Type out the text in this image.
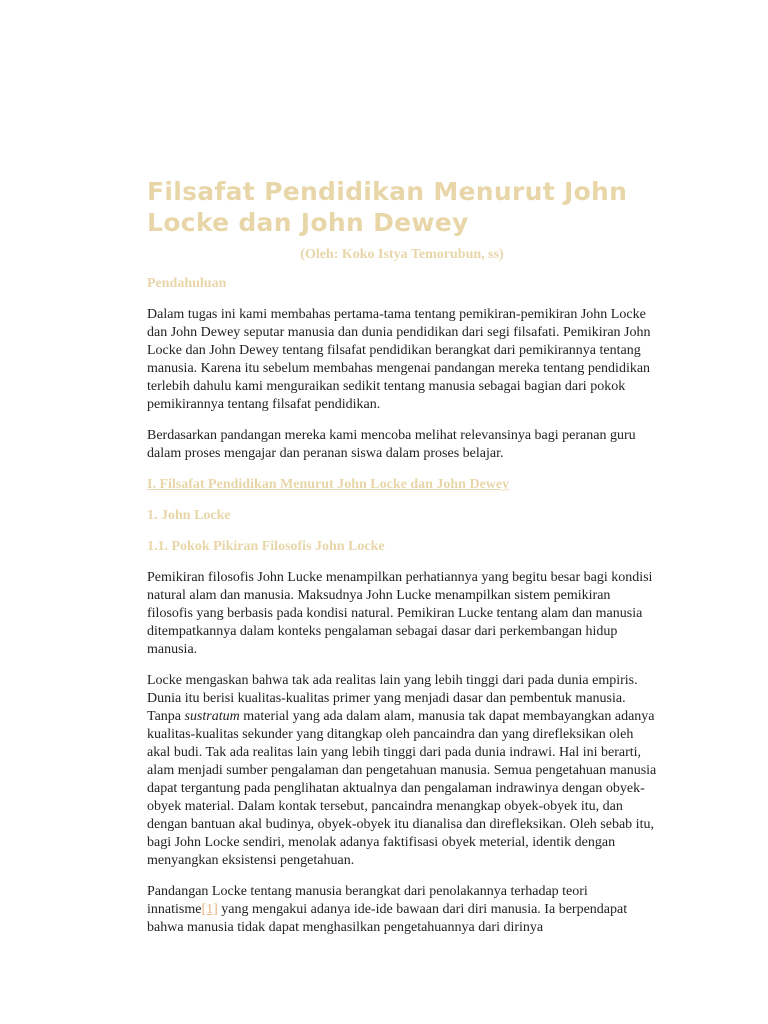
Filsafat Pendidikan Menurut John Locke dan John Dewey
(Oleh: Koko Istya Temorubun, ss)
Pendahuluan

Dalam tugas ini kami membahas pertama-tama tentang pemikiran-pemikiran John Locke dan John Dewey seputar manusia dan dunia pendidikan dari segi filsafati. Pemikiran John Locke dan John Dewey tentang filsafat pendidikan berangkat dari pemikirannya tentang manusia. Karena itu sebelum membahas mengenai pandangan mereka tentang pendidikan terlebih dahulu kami menguraikan sedikit tentang manusia sebagai bagian dari pokok pemikirannya tentang filsafat pendidikan.

Berdasarkan pandangan mereka kami mencoba melihat relevansinya bagi peranan guru dalam proses mengajar dan peranan siswa dalam proses belajar.

I. Filsafat Pendidikan Menurut John Locke dan John Dewey
1. John Locke
1.1. Pokok Pikiran Filosofis John Locke

Pemikiran filosofis John Lucke menampilkan perhatiannya yang begitu besar bagi kondisi natural alam dan manusia. Maksudnya John Lucke menampilkan sistem pemikiran filosofis yang berbasis pada kondisi natural. Pemikiran Lucke tentang alam dan manusia ditempatkannya dalam konteks pengalaman sebagai dasar dari perkembangan hidup manusia.

Locke mengaskan bahwa tak ada realitas lain yang lebih tinggi dari pada dunia empiris. Dunia itu berisi kualitas-kualitas primer yang menjadi dasar dan pembentuk manusia. Tanpa sustratum material yang ada dalam alam, manusia tak dapat membayangkan adanya kualitas-kualitas sekunder yang ditangkap oleh pancaindra dan yang direfleksikan oleh akal budi. Tak ada realitas lain yang lebih tinggi dari pada dunia indrawi. Hal ini berarti, alam menjadi sumber pengalaman dan pengetahuan manusia. Semua pengetahuan manusia dapat tergantung pada penglihatan aktualnya dan pengalaman indrawinya dengan obyek-obyek material. Dalam kontak tersebut, pancaindra menangkap obyek-obyek itu, dan dengan bantuan akal budinya, obyek-obyek itu dianalisa dan direfleksikan. Oleh sebab itu, bagi John Locke sendiri, menolak adanya faktifisasi obyek meterial, identik dengan menyangkan eksistensi pengetahuan.

Pandangan Locke tentang manusia berangkat dari penolakannya terhadap teori innatisme[1] yang mengakui adanya ide-ide bawaan dari diri manusia. Ia berpendapat bahwa manusia tidak dapat menghasilkan pengetahuannya dari dirinya
